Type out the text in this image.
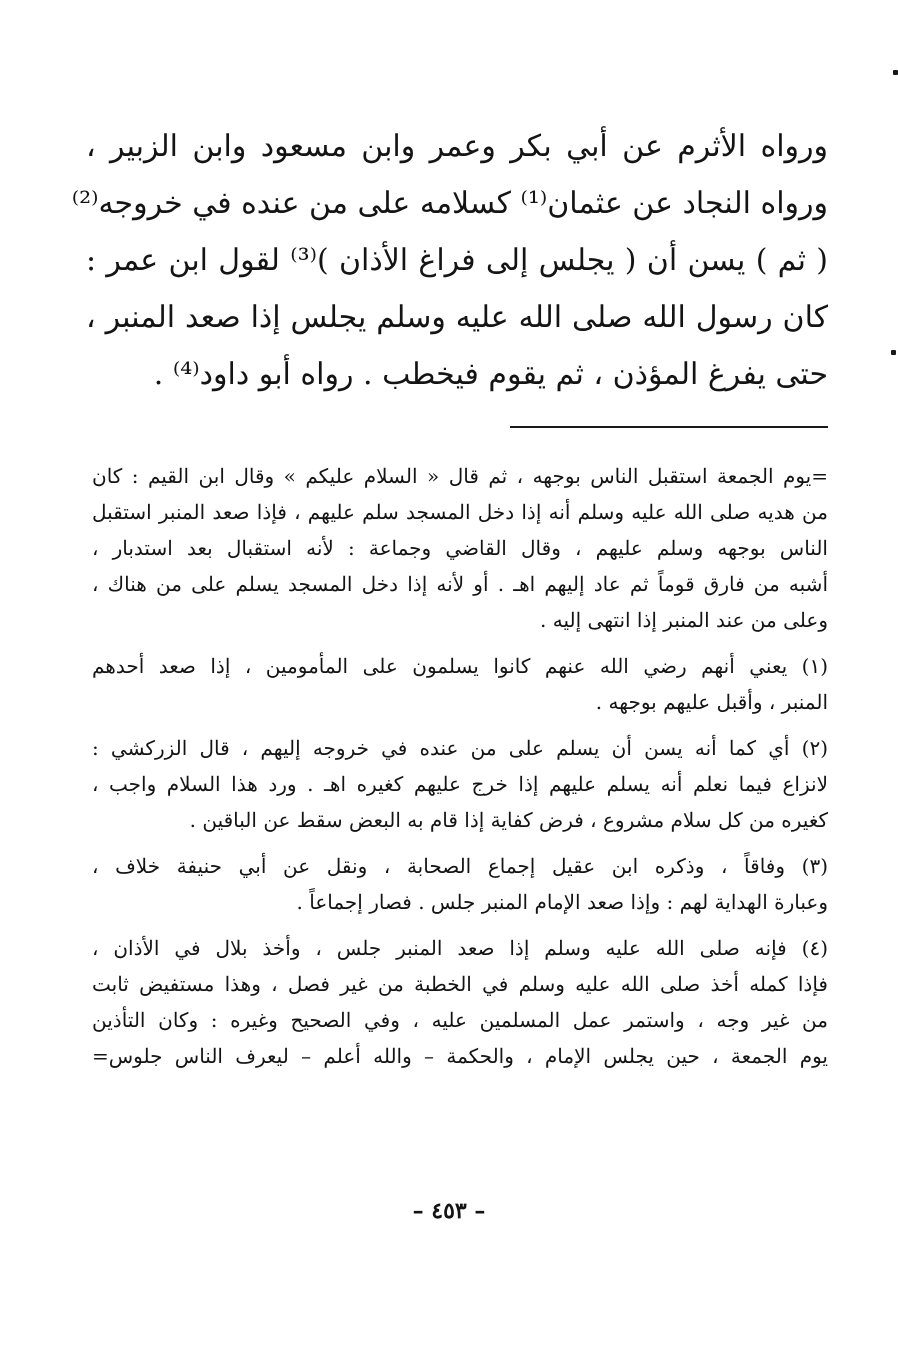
ورواه الأثرم عن أبي بكر وعمر وابن مسعود وابن الزبير ،
ورواه النجاد عن عثمان⁽¹⁾ كسلامه على من عنده في خروجه⁽²⁾
( ثم ) يسن أن ( يجلس إلى فراغ الأذان )⁽³⁾ لقول ابن عمر :
كان رسول الله صلى الله عليه وسلم يجلس إذا صعد المنبر ،
حتى يفرغ المؤذن ، ثم يقوم فيخطب . رواه أبو داود⁽⁴⁾ .
=يوم الجمعة استقبل الناس بوجهه ، ثم قال « السلام عليكم » وقال ابن القيم : كان
من هديه صلى الله عليه وسلم أنه إذا دخل المسجد سلم عليهم ، فإذا صعد المنبر استقبل
الناس بوجهه وسلم عليهم ، وقال القاضي وجماعة : لأنه استقبال بعد استدبار ،
أشبه من فارق قوماً ثم عاد إليهم اهـ . أو لأنه إذا دخل المسجد يسلم على من هناك ،
وعلى من عند المنبر إذا انتهى إليه .
(١) يعني أنهم رضي الله عنهم كانوا يسلمون على المأمومين ، إذا صعد أحدهم
المنبر ، وأقبل عليهم بوجهه .
(٢) أي كما أنه يسن أن يسلم على من عنده في خروجه إليهم ، قال الزركشي :
لانزاع فيما نعلم أنه يسلم عليهم إذا خرج عليهم كغيره اهـ . ورد هذا السلام واجب ،
كغيره من كل سلام مشروع ، فرض كفاية إذا قام به البعض سقط عن الباقين .
(٣) وفاقاً ، وذكره ابن عقيل إجماع الصحابة ، ونقل عن أبي حنيفة خلاف ،
وعبارة الهداية لهم : وإذا صعد الإمام المنبر جلس . فصار إجماعاً .
(٤) فإنه صلى الله عليه وسلم إذا صعد المنبر جلس ، وأخذ بلال في الأذان ،
فإذا كمله أخذ صلى الله عليه وسلم في الخطبة من غير فصل ، وهذا مستفيض ثابت
من غير وجه ، واستمر عمل المسلمين عليه ، وفي الصحيح وغيره : وكان التأذين
يوم الجمعة ، حين يجلس الإمام ، والحكمة – والله أعلم – ليعرف الناس جلوس=
– ٤٥٣ –
